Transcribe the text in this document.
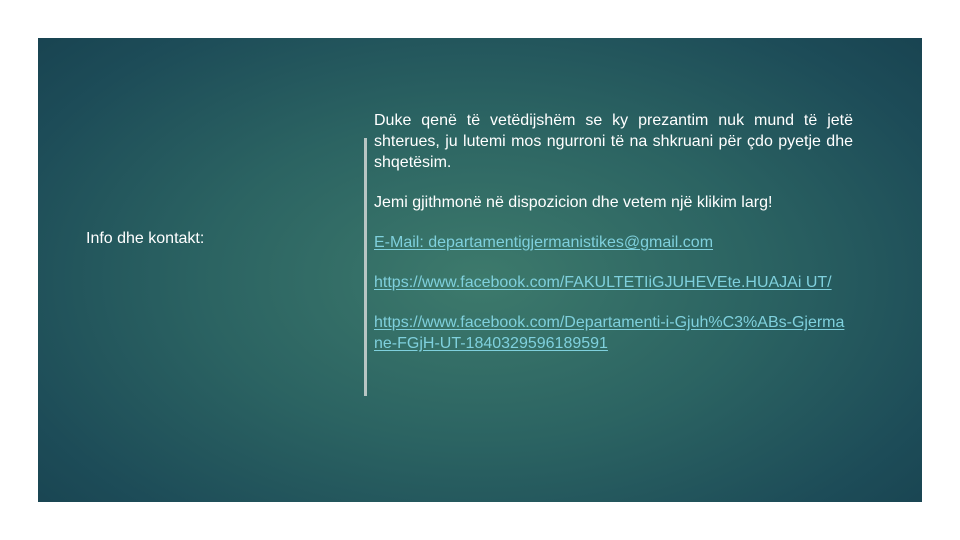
Info dhe kontakt:

Duke qenë të vetëdijshëm se ky prezantim nuk mund të jetë shterues, ju lutemi mos ngurroni të na shkruani për çdo pyetje dhe shqetësim.

Jemi gjithmonë në dispozicion dhe vetem një klikim larg!

E-Mail: departamentigjermanistikes@gmail.com
https://www.facebook.com/FAKULTETIiGJUHEVEte.HUAJAi UT/
https://www.facebook.com/Departamenti-i-Gjuh%C3%ABs-Gjermane-FGjH-UT-1840329596189591
